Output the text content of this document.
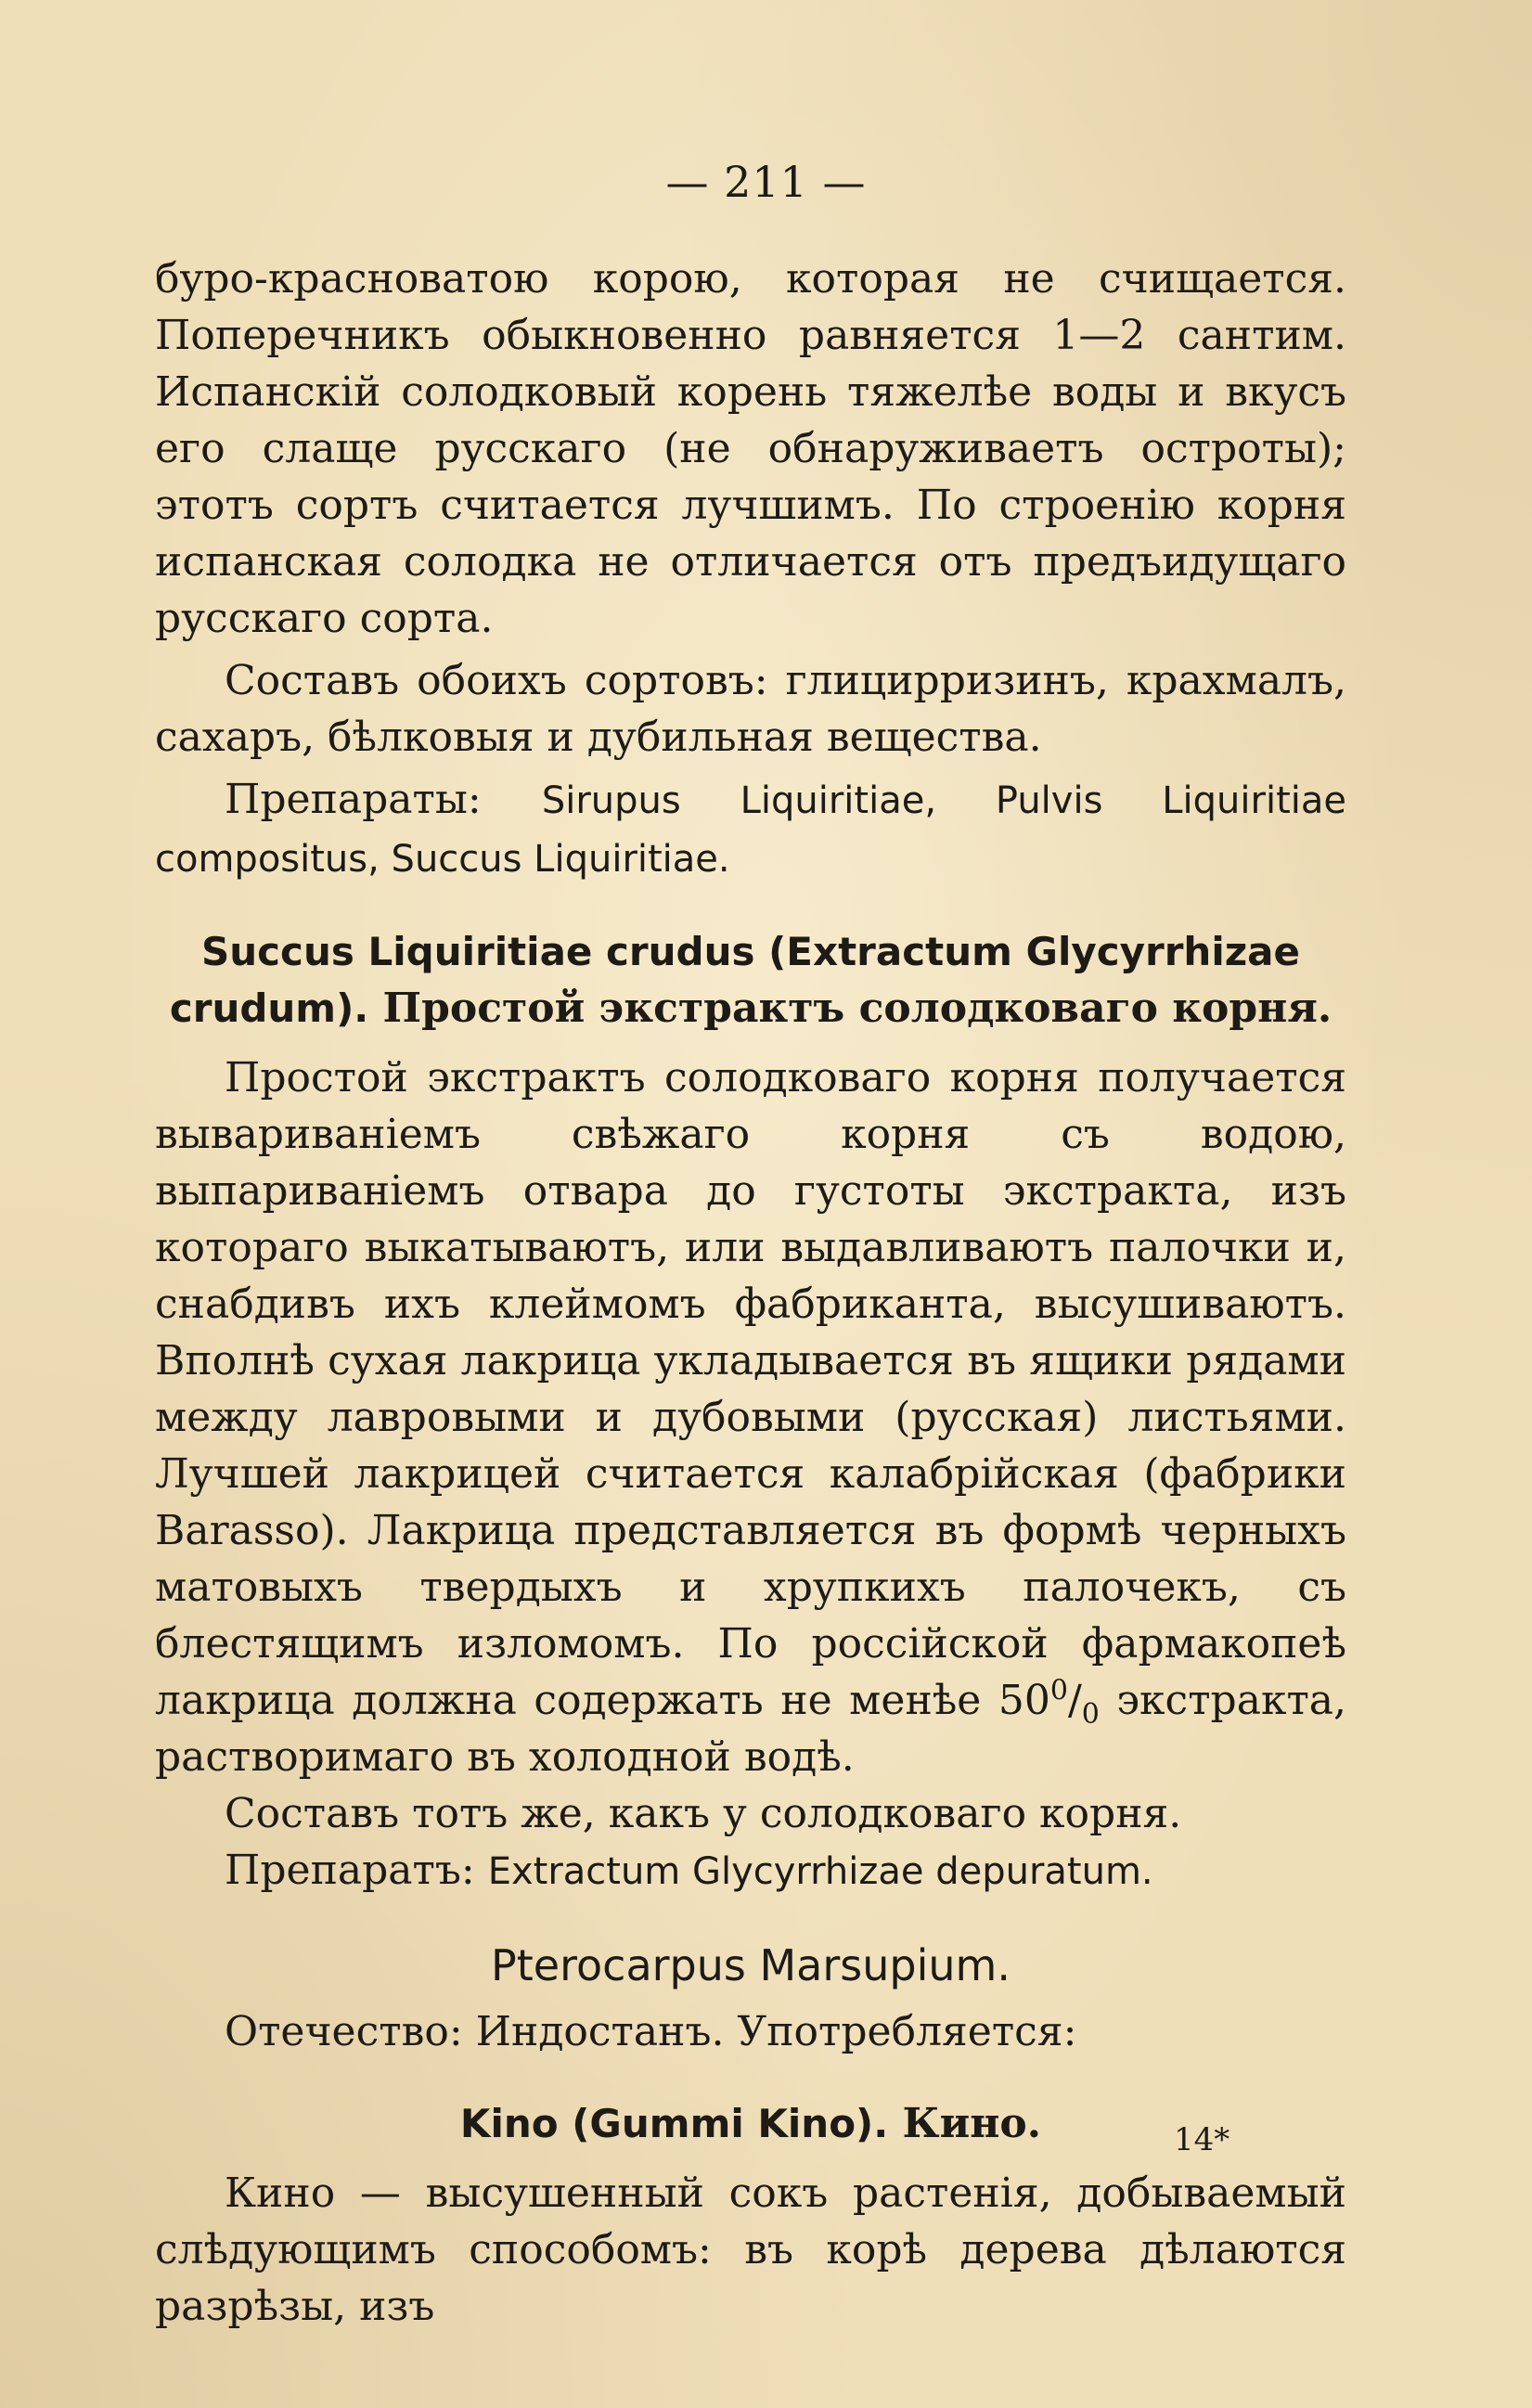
— 211 —

буро-красноватою корою, которая не счищается. Поперечникъ обыкновенно равняется 1—2 сантим. Испанскій солодковый корень тяжелѣе воды и вкусъ его слаще русскаго (не обнаруживаетъ остроты); этотъ сортъ считается лучшимъ. По строенію корня испанская солодка не отличается отъ предъидущаго русскаго сорта.

Составъ обоихъ сортовъ: глицирризинъ, крахмалъ, сахаръ, бѣлковыя и дубильная вещества.

Препараты: Sirupus Liquiritiae, Pulvis Liquiritiae compositus, Succus Liquiritiae.

Succus Liquiritiae crudus (Extractum Glycyrrhizae crudum). Простой экстрактъ солодковаго корня.

Простой экстрактъ солодковаго корня получается вывариваніемъ свѣжаго корня съ водою, выпариваніемъ отвара до густоты экстракта, изъ котораго выкатываютъ, или выдавливаютъ палочки и, снабдивъ ихъ клеймомъ фабриканта, высушиваютъ. Вполнѣ сухая лакрица укладывается въ ящики рядами между лавровыми и дубовыми (русская) листьями. Лучшей лакрицей считается калабрійская (фабрики Barassо). Лакрица представляется въ формѣ черныхъ матовыхъ твердыхъ и хрупкихъ палочекъ, съ блестящимъ изломомъ. По россійской фармакопеѣ лакрица должна содержать не менѣе $50^0/_0$ экстракта, растворимаго въ холодной водѣ.

Составъ тотъ же, какъ у солодковаго корня.

Препаратъ: Extractum Glycyrrhizae depuratum.

Pterocarpus Marsupium.

Отечество: Индостанъ. Употребляется:

Kino (Gummi Kino). Кино.

Кино — высушенный сокъ растенія, добываемый слѣдующимъ способомъ: въ корѣ дерева дѣлаются разрѣзы, изъ

14*
